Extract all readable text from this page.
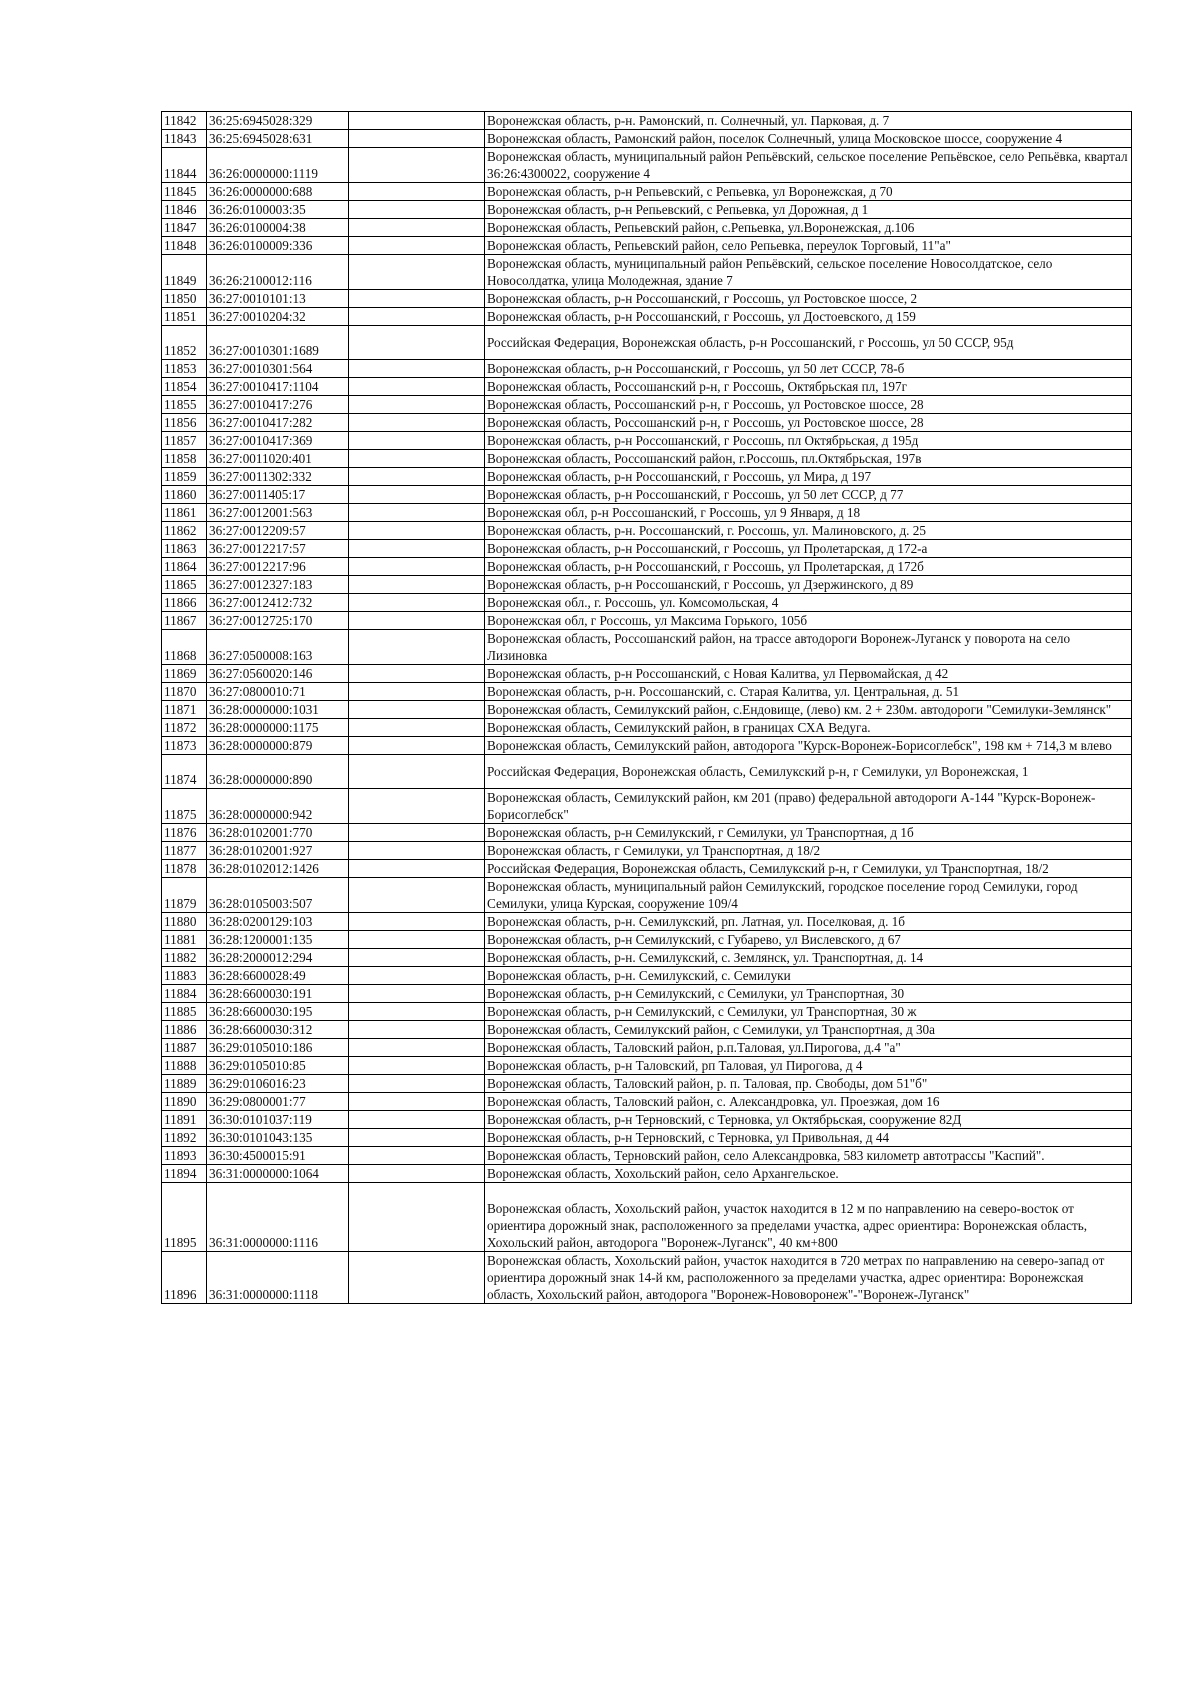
11842	36:25:6945028:329		Воронежская область, р-н. Рамонский, п. Солнечный, ул. Парковая, д. 7
11843	36:25:6945028:631		Воронежская область, Рамонский район, поселок Солнечный, улица Московское шоссе, сооружение 4
11844	36:26:0000000:1119		Воронежская область, муниципальный район Репьёвский, сельское поселение Репьёвское, село Репьёвка, квартал 36:26:4300022, сооружение 4
11845	36:26:0000000:688		Воронежская область, р-н Репьевский, с Репьевка, ул Воронежская, д 70
11846	36:26:0100003:35		Воронежская область, р-н Репьевский, с Репьевка, ул Дорожная, д 1
11847	36:26:0100004:38		Воронежская область, Репьевский район, с.Репьевка, ул.Воронежская, д.106
11848	36:26:0100009:336		Воронежская область, Репьевский район, село Репьевка, переулок Торговый, 11"а"
11849	36:26:2100012:116		Воронежская область, муниципальный район Репьёвский, сельское поселение Новосолдатское, село Новосолдатка, улица Молодежная, здание 7
11850	36:27:0010101:13		Воронежская область, р-н Россошанский, г Россошь, ул Ростовское шоссе, 2
11851	36:27:0010204:32		Воронежская область, р-н Россошанский, г Россошь, ул Достоевского, д 159
11852	36:27:0010301:1689		Российская Федерация, Воронежская область, р-н Россошанский, г Россошь, ул 50 СССР, 95д
11853	36:27:0010301:564		Воронежская область, р-н Россошанский, г Россошь, ул 50 лет СССР, 78-б
11854	36:27:0010417:1104		Воронежская область, Россошанский р-н, г Россошь, Октябрьская пл, 197г
11855	36:27:0010417:276		Воронежская область, Россошанский р-н, г Россошь, ул Ростовское шоссе, 28
11856	36:27:0010417:282		Воронежская область, Россошанский р-н, г Россошь, ул Ростовское шоссе, 28
11857	36:27:0010417:369		Воронежская область, р-н Россошанский, г Россошь, пл Октябрьская, д 195д
11858	36:27:0011020:401		Воронежская область, Россошанский район, г.Россошь, пл.Октябрьская, 197в
11859	36:27:0011302:332		Воронежская область, р-н Россошанский, г Россошь, ул Мира, д 197
11860	36:27:0011405:17		Воронежская область, р-н Россошанский, г Россошь, ул 50 лет СССР, д 77
11861	36:27:0012001:563		Воронежская обл, р-н Россошанский, г Россошь, ул 9 Января, д 18
11862	36:27:0012209:57		Воронежская область, р-н. Россошанский, г. Россошь, ул. Малиновского, д. 25
11863	36:27:0012217:57		Воронежская область, р-н Россошанский, г Россошь, ул Пролетарская, д 172-а
11864	36:27:0012217:96		Воронежская область, р-н Россошанский, г Россошь, ул Пролетарская, д 172б
11865	36:27:0012327:183		Воронежская область, р-н Россошанский, г Россошь, ул Дзержинского, д 89
11866	36:27:0012412:732		Воронежская обл., г. Россошь, ул. Комсомольская, 4
11867	36:27:0012725:170		Воронежская обл, г Россошь, ул Максима Горького, 105б
11868	36:27:0500008:163		Воронежская область, Россошанский район, на трассе автодороги Воронеж-Луганск у поворота на село Лизиновка
11869	36:27:0560020:146		Воронежская область, р-н Россошанский, с Новая Калитва, ул Первомайская, д 42
11870	36:27:0800010:71		Воронежская область, р-н. Россошанский, с. Старая Калитва, ул. Центральная, д. 51
11871	36:28:0000000:1031		Воронежская область, Семилукский район, с.Ендовище, (лево) км. 2 + 230м. автодороги "Семилуки-Землянск"
11872	36:28:0000000:1175		Воронежская область, Семилукский район, в границах СХА Ведуга.
11873	36:28:0000000:879		Воронежская область, Семилукский район, автодорога "Курск-Воронеж-Борисоглебск", 198 км + 714,3 м влево
11874	36:28:0000000:890		Российская Федерация, Воронежская область, Семилукский р-н, г Семилуки, ул Воронежская, 1
11875	36:28:0000000:942		Воронежская область, Семилукский район, км 201 (право) федеральной автодороги А-144 "Курск-Воронеж-Борисоглебск"
11876	36:28:0102001:770		Воронежская область, р-н Семилукский, г Семилуки, ул Транспортная, д 1б
11877	36:28:0102001:927		Воронежская область, г Семилуки, ул Транспортная, д 18/2
11878	36:28:0102012:1426		Российская Федерация, Воронежская область, Семилукский р-н, г Семилуки, ул Транспортная, 18/2
11879	36:28:0105003:507		Воронежская область, муниципальный район Семилукский, городское поселение город Семилуки, город Семилуки, улица Курская, сооружение 109/4
11880	36:28:0200129:103		Воронежская область, р-н. Семилукский, рп. Латная, ул. Поселковая, д. 1б
11881	36:28:1200001:135		Воронежская область, р-н Семилукский, с Губарево, ул Вислевского, д 67
11882	36:28:2000012:294		Воронежская область, р-н. Семилукский, с. Землянск, ул. Транспортная, д. 14
11883	36:28:6600028:49		Воронежская область, р-н. Семилукский, с. Семилуки
11884	36:28:6600030:191		Воронежская область, р-н Семилукский, с Семилуки, ул Транспортная, 30
11885	36:28:6600030:195		Воронежская область, р-н Семилукский, с Семилуки, ул Транспортная, 30 ж
11886	36:28:6600030:312		Воронежская область, Семилукский район, с Семилуки, ул Транспортная, д 30а
11887	36:29:0105010:186		Воронежская область, Таловский район, р.п.Таловая, ул.Пирогова, д.4 "а"
11888	36:29:0105010:85		Воронежская область, р-н Таловский, рп Таловая, ул Пирогова, д 4
11889	36:29:0106016:23		Воронежская область, Таловский район, р. п. Таловая, пр. Свободы, дом 51"б"
11890	36:29:0800001:77		Воронежская область, Таловский район, с. Александровка, ул. Проезжая, дом 16
11891	36:30:0101037:119		Воронежская область, р-н Терновский, с Терновка, ул Октябрьская, сооружение 82Д
11892	36:30:0101043:135		Воронежская область, р-н Терновский, с Терновка, ул Привольная, д 44
11893	36:30:4500015:91		Воронежская область, Терновский район, село Александровка, 583 километр автотрассы "Каспий".
11894	36:31:0000000:1064		Воронежская область, Хохольский район, село Архангельское.
11895	36:31:0000000:1116		Воронежская область, Хохольский район, участок находится в 12 м по направлению на северо-восток от ориентира дорожный знак, расположенного за пределами участка, адрес ориентира: Воронежская область, Хохольский район, автодорога "Воронеж-Луганск", 40 км+800
11896	36:31:0000000:1118		Воронежская область, Хохольский район, участок находится в 720 метрах по направлению на северо-запад от ориентира дорожный знак 14-й км, расположенного за пределами участка, адрес ориентира: Воронежская область, Хохольский район, автодорога "Воронеж-Нововоронеж"-"Воронеж-Луганск"
